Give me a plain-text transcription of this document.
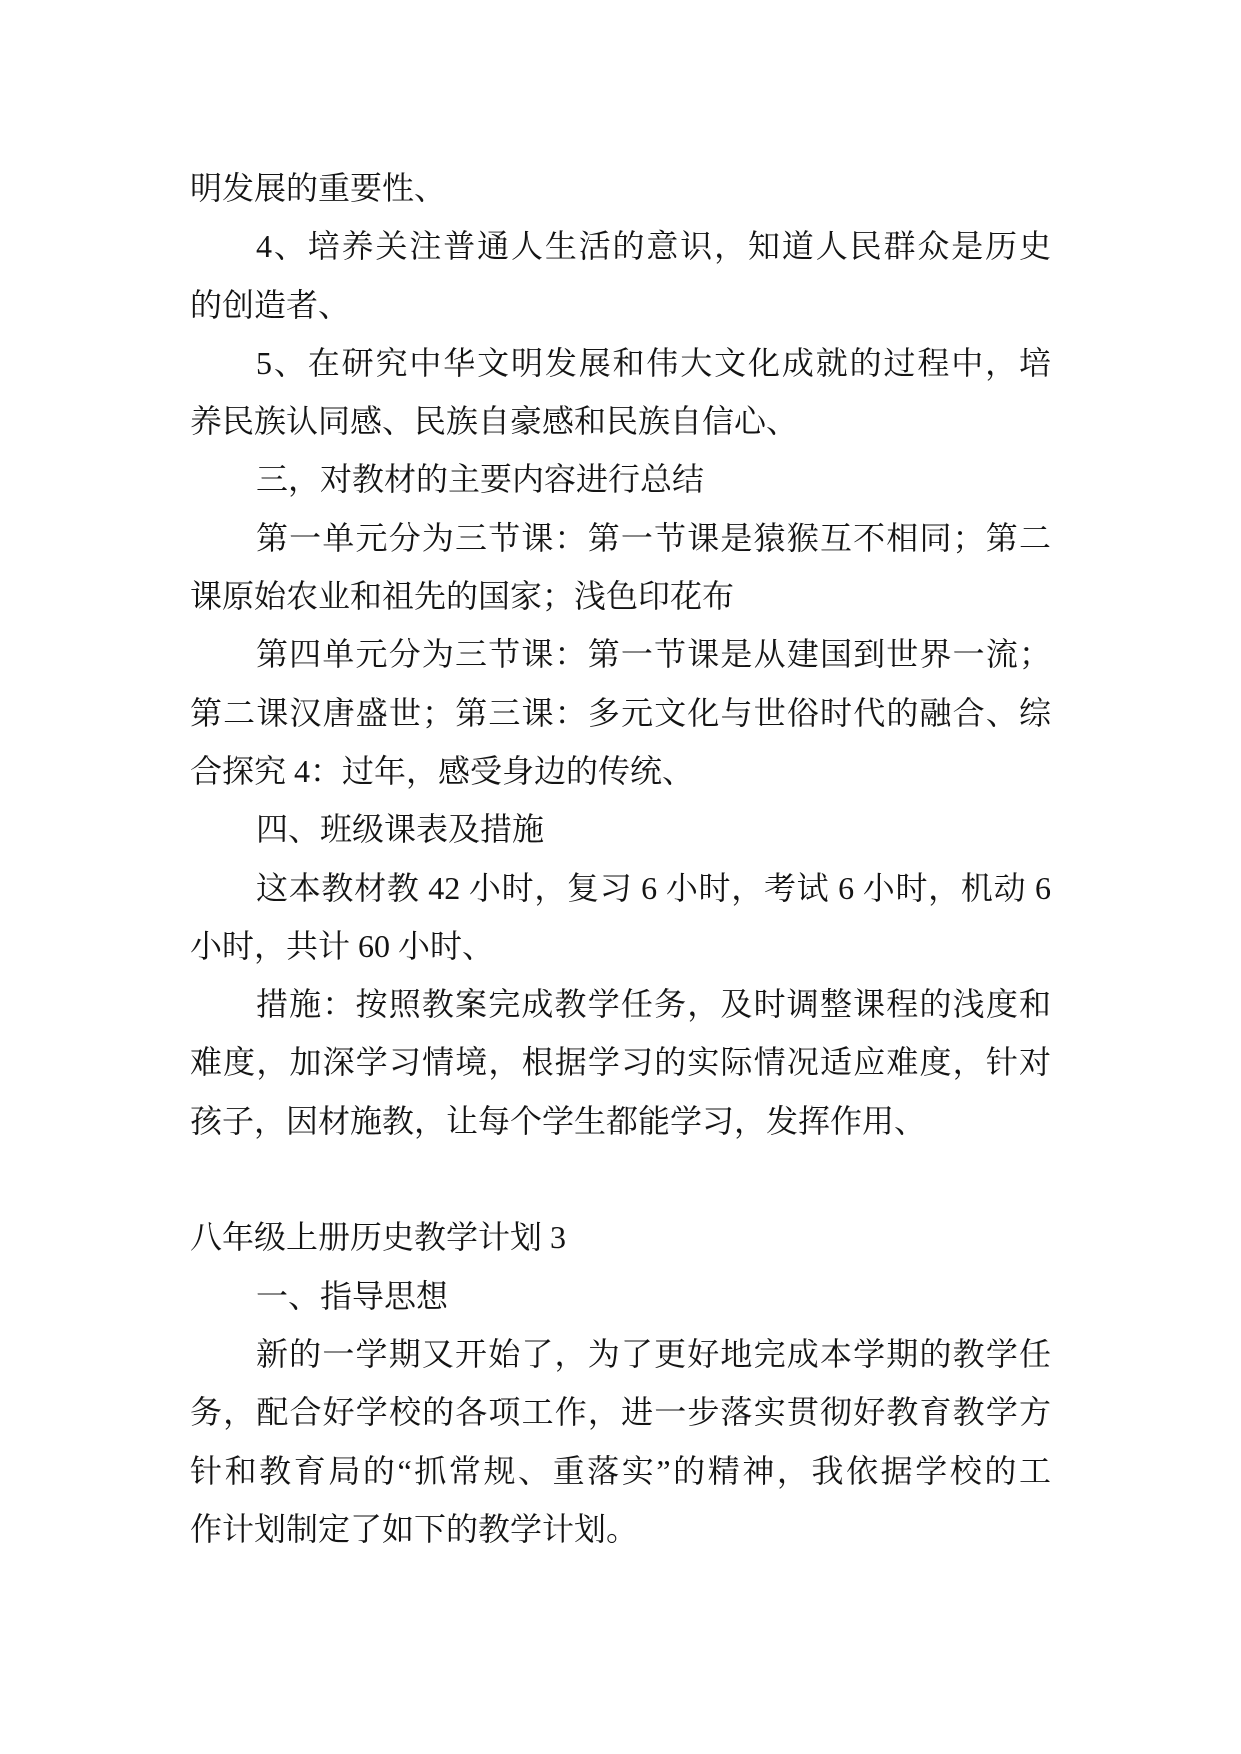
明发展的重要性、
4、培养关注普通人生活的意识，知道人民群众是历史
的创造者、
5、在研究中华文明发展和伟大文化成就的过程中，培
养民族认同感、民族自豪感和民族自信心、
三，对教材的主要内容进行总结
第一单元分为三节课：第一节课是猿猴互不相同；第二
课原始农业和祖先的国家；浅色印花布
第四单元分为三节课：第一节课是从建国到世界一流；
第二课汉唐盛世；第三课：多元文化与世俗时代的融合、综
合探究 4：过年，感受身边的传统、
四、班级课表及措施
这本教材教 42 小时，复习 6 小时，考试 6 小时，机动 6
小时，共计 60 小时、
措施：按照教案完成教学任务，及时调整课程的浅度和
难度，加深学习情境，根据学习的实际情况适应难度，针对
孩子，因材施教，让每个学生都能学习，发挥作用、
八年级上册历史教学计划 3
一、指导思想
新的一学期又开始了，为了更好地完成本学期的教学任
务，配合好学校的各项工作，进一步落实贯彻好教育教学方
针和教育局的“抓常规、重落实”的精神，我依据学校的工
作计划制定了如下的教学计划。
